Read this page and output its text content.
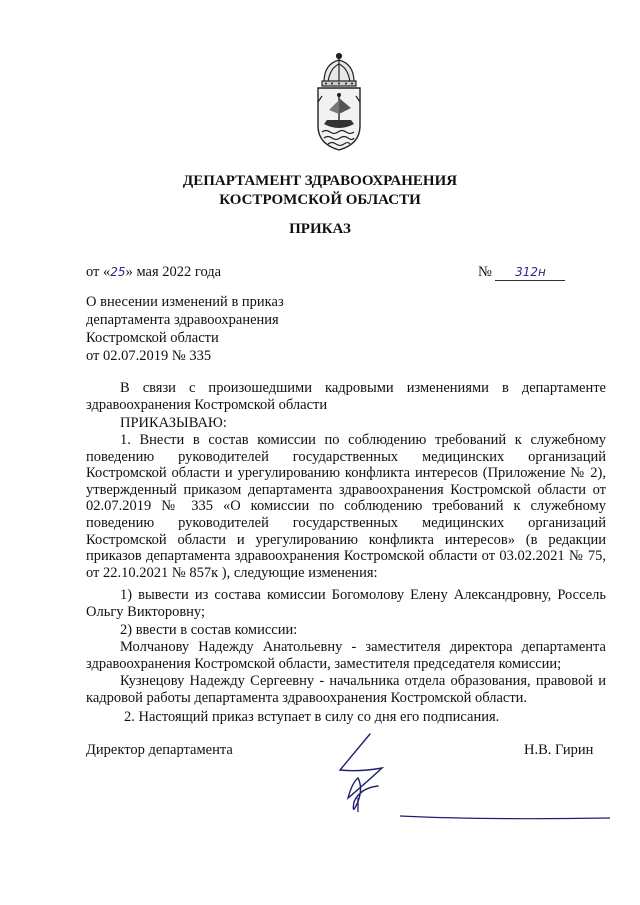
ДЕПАРТАМЕНТ ЗДРАВООХРАНЕНИЯ
КОСТРОМСКОЙ ОБЛАСТИ
ПРИКАЗ
от «25» мая 2022 года	№ 312н
О внесении изменений в приказ
департамента здравоохранения
Костромской области
от 02.07.2019 № 335
В связи с произошедшими кадровыми изменениями в департаменте здравоохранения Костромской области
ПРИКАЗЫВАЮ:
1. Внести в состав комиссии по соблюдению требований к служебному поведению руководителей государственных медицинских организаций Костромской области и урегулированию конфликта интересов (Приложение № 2), утвержденный приказом департамента здравоохранения Костромской области от 02.07.2019 № 335 «О комиссии по соблюдению требований к служебному поведению руководителей государственных медицинских организаций Костромской области и урегулированию конфликта интересов» (в редакции приказов департамента здравоохранения Костромской области от 03.02.2021 № 75, от 22.10.2021 № 857к ), следующие изменения:
1) вывести из состава комиссии Богомолову Елену Александровну, Россель Ольгу Викторовну;
2) ввести в состав комиссии:
Молчанову Надежду Анатольевну - заместителя директора департамента здравоохранения Костромской области, заместителя председателя комиссии;
Кузнецову Надежду Сергеевну - начальника отдела образования, правовой и кадровой работы департамента здравоохранения Костромской области.
2. Настоящий приказ вступает в силу со дня его подписания.
Директор департамента	Н.В. Гирин
